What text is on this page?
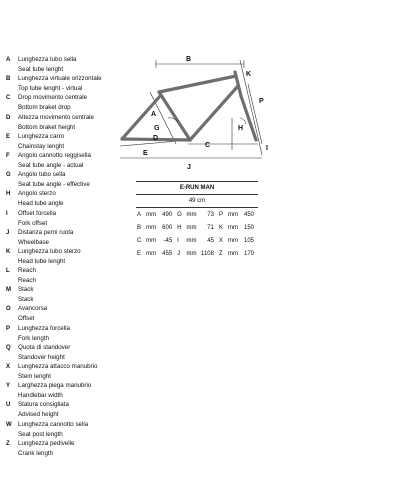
B
K
P
A
G
D
H
C
E
I
J
A Lunghezza tubo sella
Seat tube lenght
B Lunghezza virtuale orizzontale
Top tube lenght - virtual
C Drop movimento centrale
Bottom braket drop
D Altezza movimento centrale
Bottom braket height
E Lunghezza carro
Chainstay lenght
F Angolo cannotto reggisella
Seat tube angle - actual
G Angolo tubo sella
Seat tube angle - effective
H Angolo sterzo
Head tube angle
I Offset forcella
Fork offset
J Distanza perni ruota
Wheelbase
K Lunghezza tubo sterzo
Head tube lenght
L Reach
Reach
M Stack
Stack
O Avancorsa
Offset
P Lunghezza forcella
Fork length
Q Quota di standover
Standover height
X Lunghezza attacco manubrio
Stem lenght
Y Larghezza piega manubrio
Handlebar width
U Statura consigliata
Advised height
W Lunghezza cannotto sella
Seat post length
Z Lunghezza pedivelle
Crank length
E-RUN MAN								
49 cm								
A	mm	490	G	mm	73	P	mm	450
B	mm	600	H	mm	71	K	mm	150
C	mm	-45	I	mm	45	X	mm	105
E	mm	455	J	mm	1108	Z	mm	170
